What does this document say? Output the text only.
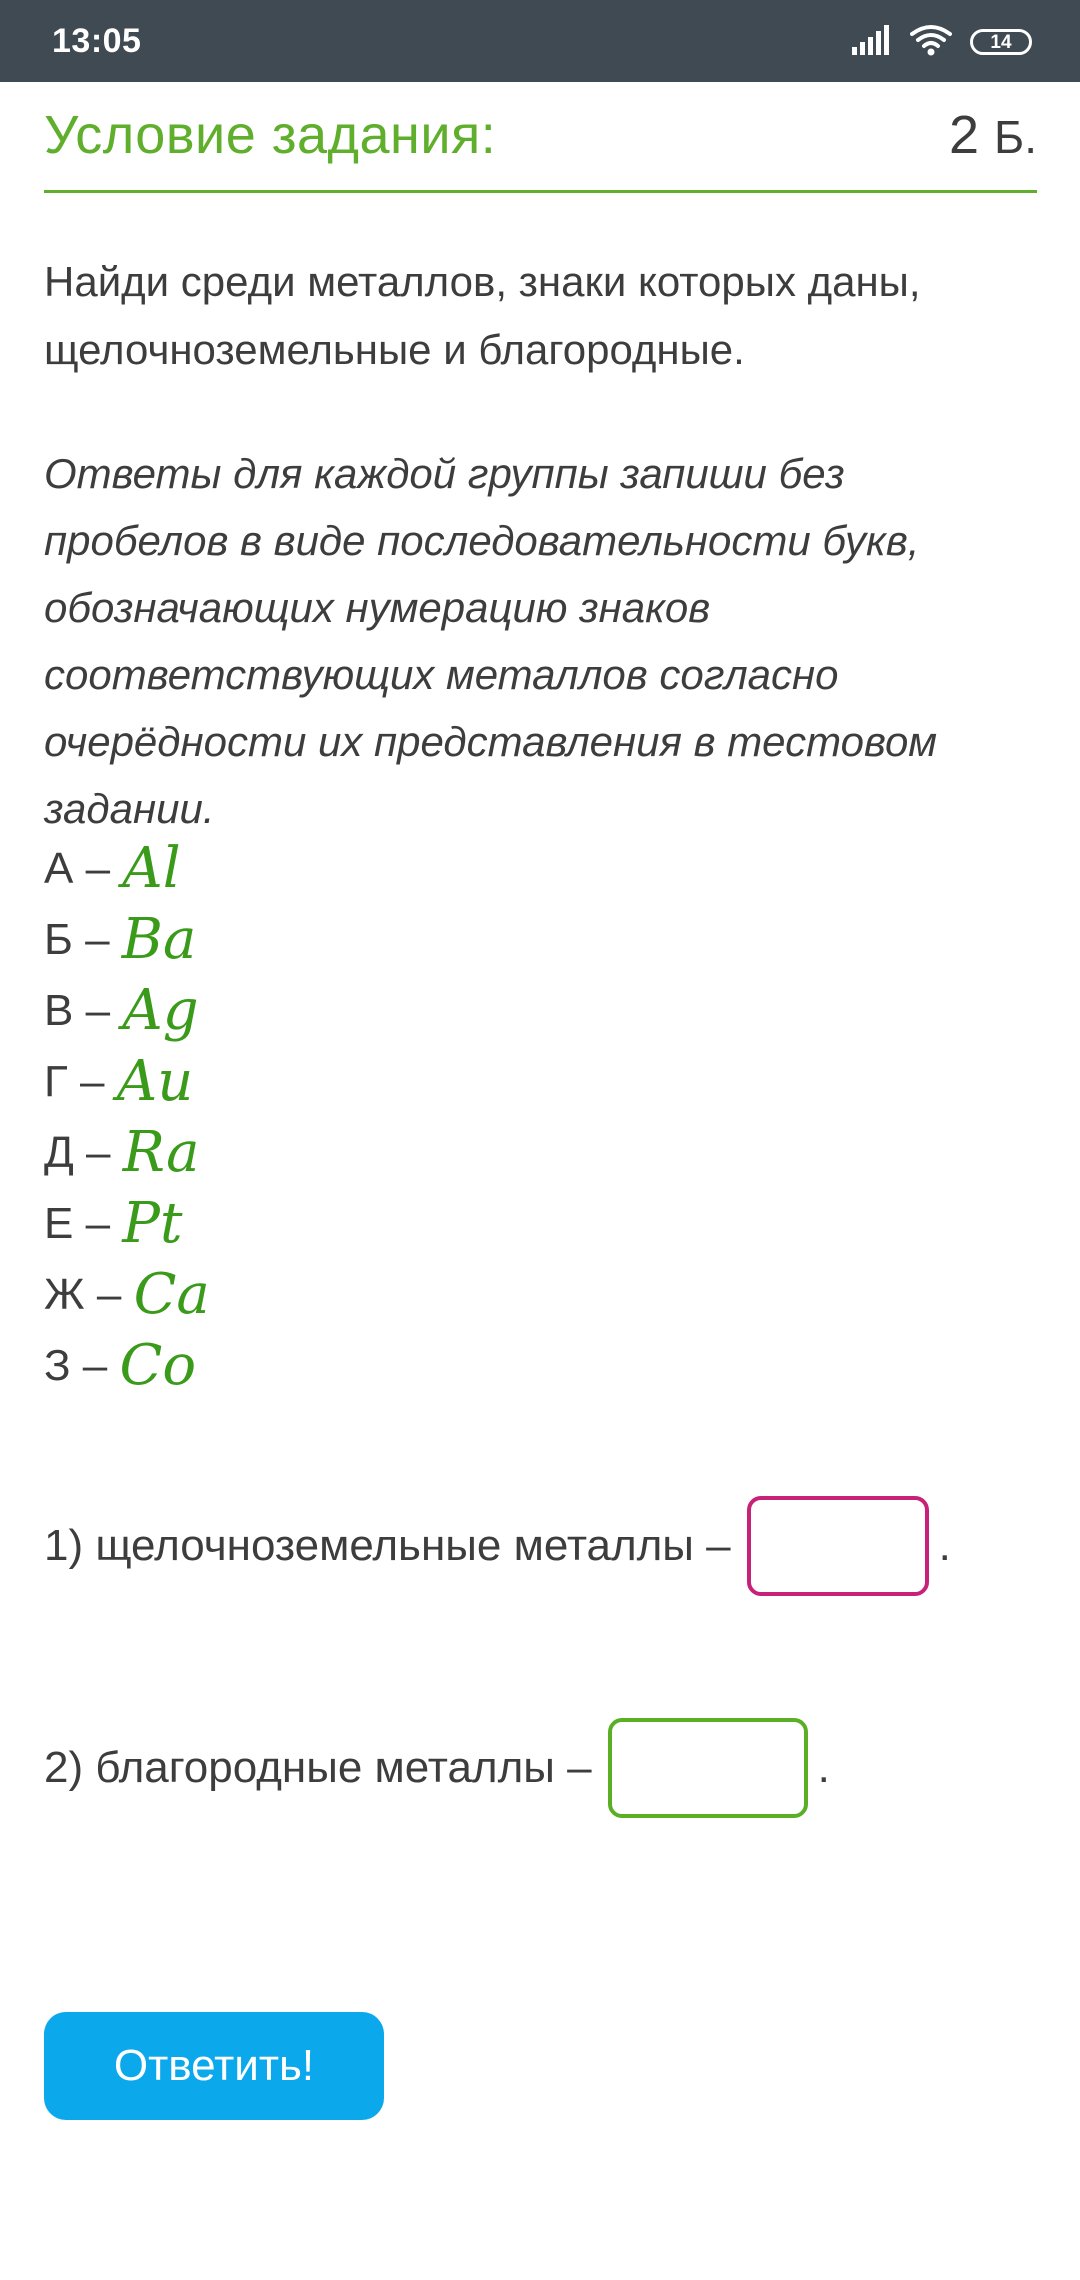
13:05	14
Условие задания:	2 Б.
Найди среди металлов, знаки которых даны, щелочноземельные и благородные.
Ответы для каждой группы запиши без пробелов в виде последовательности букв, обозначающих нумерацию знаков соответствующих металлов согласно очерёдности их представления в тестовом задании.
А – Al
Б – Ba
В – Ag
Г – Au
Д – Ra
Е – Pt
Ж – Ca
З – Co
1) щелочноземельные металлы –	.
2) благородные металлы –	.
Ответить!
